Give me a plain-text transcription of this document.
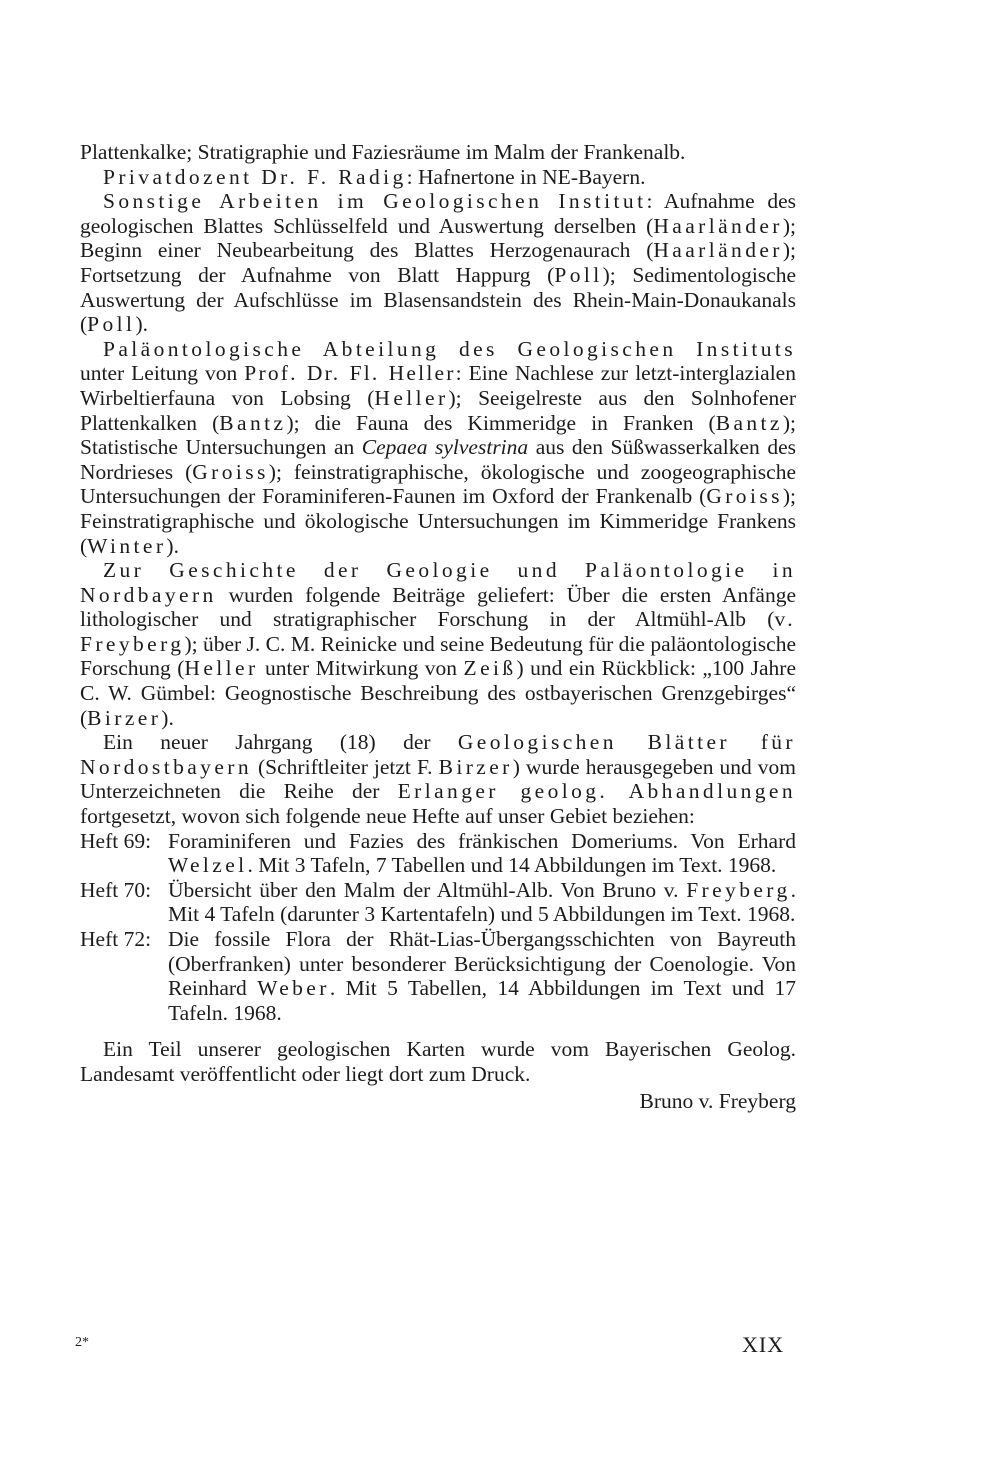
Plattenkalke; Stratigraphie und Faziesräume im Malm der Frankenalb.

Privatdozent Dr. F. Radig: Hafnertone in NE-Bayern.

Sonstige Arbeiten im Geologischen Institut: Aufnahme des geologischen Blattes Schlüsselfeld und Auswertung derselben (Haarländer); Beginn einer Neubearbeitung des Blattes Herzogenaurach (Haarländer); Fortsetzung der Aufnahme von Blatt Happurg (Poll); Sedimentologische Auswertung der Aufschlüsse im Blasensandstein des Rhein-Main-Donaukanals (Poll).

Paläontologische Abteilung des Geologischen Instituts unter Leitung von Prof. Dr. Fl. Heller: Eine Nachlese zur letzt-interglazialen Wirbeltierfauna von Lobsing (Heller); Seeigelreste aus den Solnhofener Plattenkalken (Bantz); die Fauna des Kimmeridge in Franken (Bantz); Statistische Untersuchungen an Cepaea sylvestrina aus den Süßwasserkalken des Nordrieses (Groiss); feinstratigraphische, ökologische und zoogeographische Untersuchungen der Foraminiferen-Faunen im Oxford der Frankenalb (Groiss); Feinstratigraphische und ökologische Untersuchungen im Kimmeridge Frankens (Winter).

Zur Geschichte der Geologie und Paläontologie in Nordbayern wurden folgende Beiträge geliefert: Über die ersten Anfänge lithologischer und stratigraphischer Forschung in der Altmühl-Alb (v. Freyberg); über J. C. M. Reinicke und seine Bedeutung für die paläontologische Forschung (Heller unter Mitwirkung von Zeiß) und ein Rückblick: „100 Jahre C. W. Gümbel: Geognostische Beschreibung des ostbayerischen Grenzgebirges“ (Birzer).

Ein neuer Jahrgang (18) der Geologischen Blätter für Nordostbayern (Schriftleiter jetzt F. Birzer) wurde herausgegeben und vom Unterzeichneten die Reihe der Erlanger geolog. Abhandlungen fortgesetzt, wovon sich folgende neue Hefte auf unser Gebiet beziehen:

Heft 69: Foraminiferen und Fazies des fränkischen Domeriums. Von Erhard Welzel. Mit 3 Tafeln, 7 Tabellen und 14 Abbildungen im Text. 1968.
Heft 70: Übersicht über den Malm der Altmühl-Alb. Von Bruno v. Freyberg. Mit 4 Tafeln (darunter 3 Kartentafeln) und 5 Abbildungen im Text. 1968.
Heft 72: Die fossile Flora der Rhät-Lias-Übergangsschichten von Bayreuth (Oberfranken) unter besonderer Berücksichtigung der Coenologie. Von Reinhard Weber. Mit 5 Tabellen, 14 Abbildungen im Text und 17 Tafeln. 1968.

Ein Teil unserer geologischen Karten wurde vom Bayerischen Geolog. Landesamt veröffentlicht oder liegt dort zum Druck.

Bruno v. Freyberg

2*	XIX
